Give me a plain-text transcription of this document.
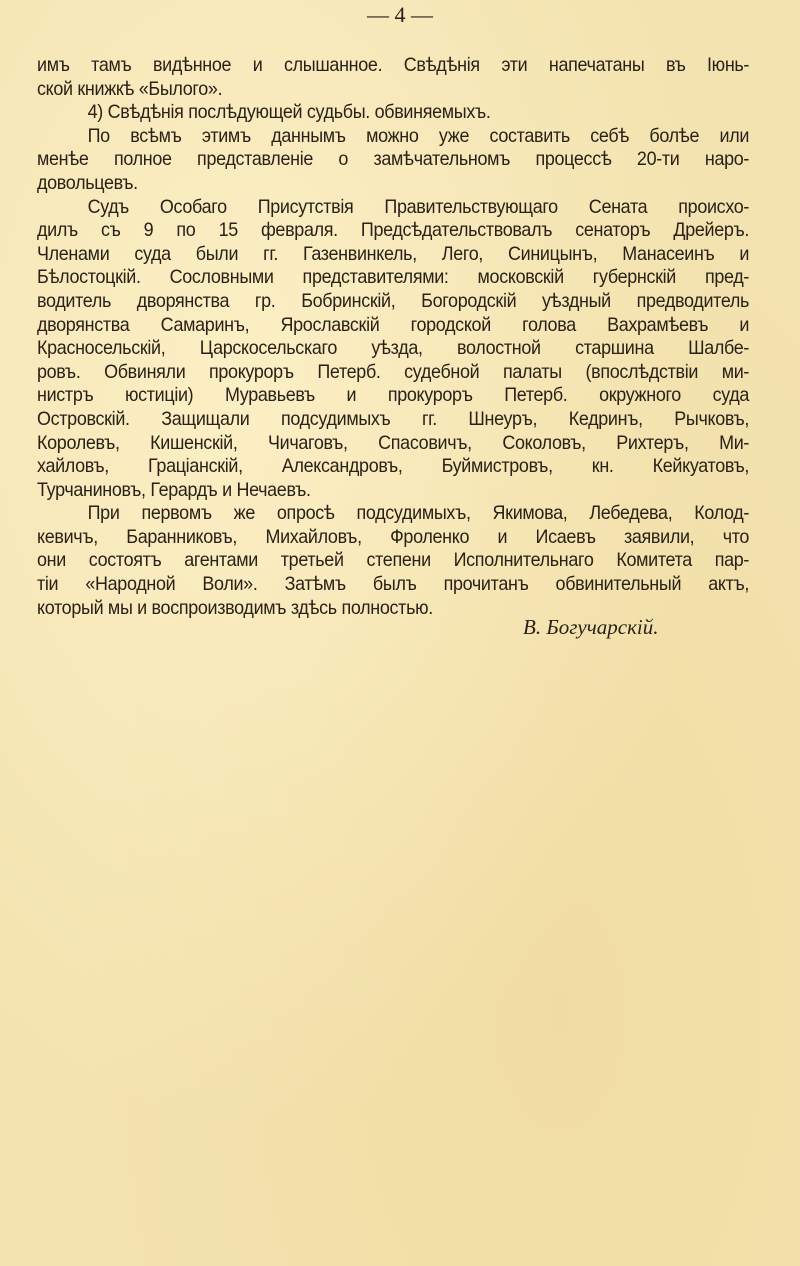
— 4 —
имъ тамъ видѣнное и слышанное. Свѣдѣнія эти напечатаны въ Іюнь-
ской книжкѣ «Былого».
4) Свѣдѣнія послѣдующей судьбы. обвиняемыхъ.
По всѣмъ этимъ даннымъ можно уже составить себѣ болѣе или
менѣе полное представленіе о замѣчательномъ процессѣ 20-ти наро-
довольцевъ.
Судъ Особаго Присутствія Правительствующаго Сената происхо-
дилъ съ 9 по 15 февраля. Предсѣдательствовалъ сенаторъ Дрейеръ.
Членами суда были гг. Газенвинкель, Лего, Синицынъ, Манасеинъ и
Бѣлостоцкій. Сословными представителями: московскій губернскій пред-
водитель дворянства гр. Бобринскій, Богородскій уѣздный предводитель
дворянства Самаринъ, Ярославскій городской голова Вахрамѣевъ и
Красносельскій, Царскосельскаго уѣзда, волостной старшина Шалбе-
ровъ. Обвиняли прокуроръ Петерб. судебной палаты (впослѣдствіи ми-
нистръ юстиціи) Муравьевъ и прокуроръ Петерб. окружного суда
Островскій. Защищали подсудимыхъ гг. Шнеуръ, Кедринъ, Рычковъ,
Королевъ, Кишенскій, Чичаговъ, Спасовичъ, Соколовъ, Рихтеръ, Ми-
хайловъ, Граціанскій, Александровъ, Буймистровъ, кн. Кейкуатовъ,
Турчаниновъ, Герардъ и Нечаевъ.
При первомъ же опросѣ подсудимыхъ, Якимова, Лебедева, Колод-
кевичъ, Баранниковъ, Михайловъ, Фроленко и Исаевъ заявили, что
они состоятъ агентами третьей степени Исполнительнаго Комитета пар-
тіи «Народной Воли». Затѣмъ былъ прочитанъ обвинительный актъ,
который мы и воспроизводимъ здѣсь полностью.
В. Богучарскій.
